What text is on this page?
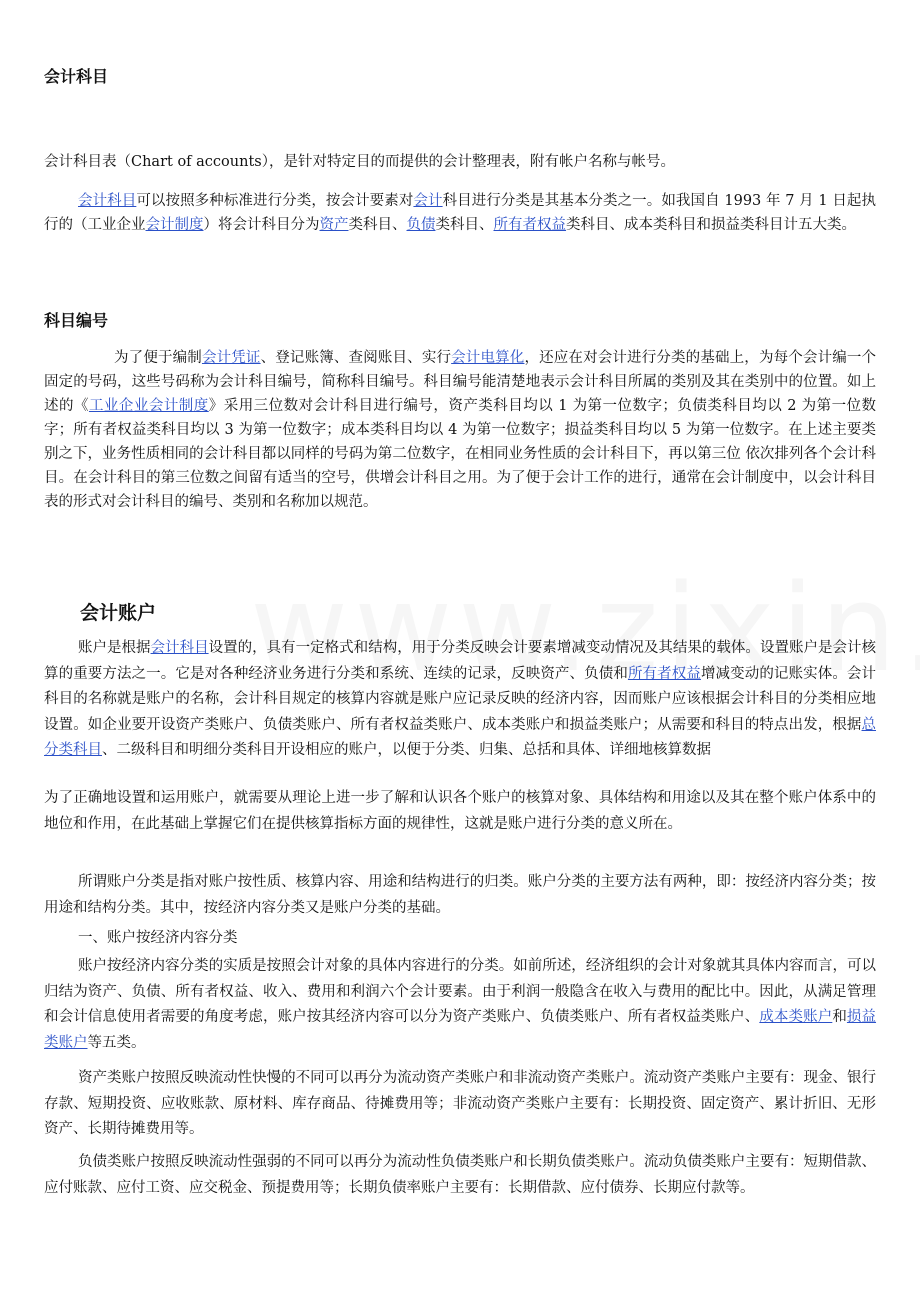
会计科目
会计科目表（Chart of accounts），是针对特定目的而提供的会计整理表，附有帐户名称与帐号。
会计科目可以按照多种标准进行分类，按会计要素对会计科目进行分类是其基本分类之一。如我国自 1993 年 7 月 1 日起执行的（工业企业会计制度）将会计科目分为资产类科目、负债类科目、所有者权益类科目、成本类科目和损益类科目计五大类。
科目编号
为了便于编制会计凭证、登记账簿、查阅账目、实行会计电算化，还应在对会计进行分类的基础上，为每个会计编一个固定的号码，这些号码称为会计科目编号，简称科目编号。科目编号能清楚地表示会计科目所属的类别及其在类别中的位置。如上述的《工业企业会计制度》采用三位数对会计科目进行编号，资产类科目均以 1 为第一位数字；负债类科目均以 2 为第一位数字；所有者权益类科目均以 3 为第一位数字；成本类科目均以 4 为第一位数字；损益类科目均以 5 为第一位数字。在上述主要类别之下，业务性质相同的会计科目都以同样的号码为第二位数字，在相同业务性质的会计科目下，再以第三位 依次排列各个会计科目。在会计科目的第三位数之间留有适当的空号，供增会计科目之用。为了便于会计工作的进行，通常在会计制度中，以会计科目表的形式对会计科目的编号、类别和名称加以规范。
会计账户
账户是根据会计科目设置的，具有一定格式和结构，用于分类反映会计要素增减变动情况及其结果的载体。设置账户是会计核算的重要方法之一。它是对各种经济业务进行分类和系统、连续的记录，反映资产、负债和所有者权益增减变动的记账实体。会计科目的名称就是账户的名称，会计科目规定的核算内容就是账户应记录反映的经济内容，因而账户应该根据会计科目的分类相应地设置。如企业要开设资产类账户、负债类账户、所有者权益类账户、成本类账户和损益类账户；从需要和科目的特点出发，根据总分类科目、二级科目和明细分类科目开设相应的账户，以便于分类、归集、总括和具体、详细地核算数据
为了正确地设置和运用账户，就需要从理论上进一步了解和认识各个账户的核算对象、具体结构和用途以及其在整个账户体系中的地位和作用，在此基础上掌握它们在提供核算指标方面的规律性，这就是账户进行分类的意义所在。
所谓账户分类是指对账户按性质、核算内容、用途和结构进行的归类。账户分类的主要方法有两种，即：按经济内容分类；按用途和结构分类。其中，按经济内容分类又是账户分类的基础。
一、账户按经济内容分类
账户按经济内容分类的实质是按照会计对象的具体内容进行的分类。如前所述，经济组织的会计对象就其具体内容而言，可以归结为资产、负债、所有者权益、收入、费用和利润六个会计要素。由于利润一般隐含在收入与费用的配比中。因此，从满足管理和会计信息使用者需要的角度考虑，账户按其经济内容可以分为资产类账户、负债类账户、所有者权益类账户、成本类账户和损益类账户等五类。
资产类账户按照反映流动性快慢的不同可以再分为流动资产类账户和非流动资产类账户。流动资产类账户主要有：现金、银行存款、短期投资、应收账款、原材料、库存商品、待摊费用等；非流动资产类账户主要有：长期投资、固定资产、累计折旧、无形资产、长期待摊费用等。
负债类账户按照反映流动性强弱的不同可以再分为流动性负债类账户和长期负债类账户。流动负债类账户主要有：短期借款、应付账款、应付工资、应交税金、预提费用等；长期负债率账户主要有：长期借款、应付债券、长期应付款等。
